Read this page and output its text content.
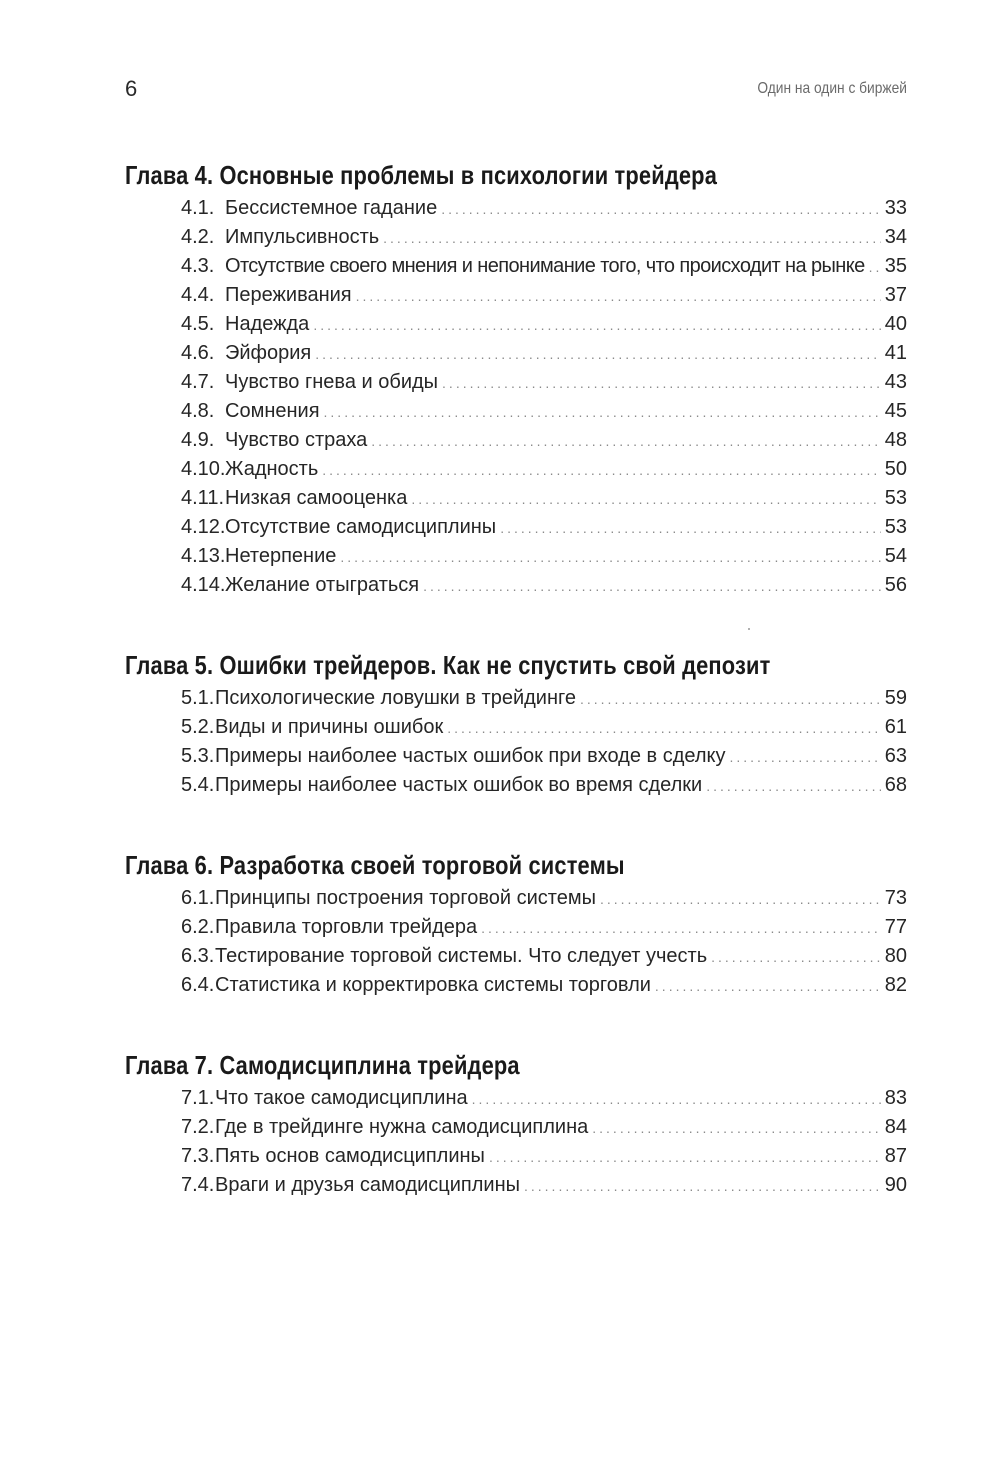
6	Один на один с биржей
Глава 4. Основные проблемы в психологии трейдера
4.1. Бессистемное гадание .....	33
4.2. Импульсивность .....	34
4.3. Отсутствие своего мнения и непонимание того, что происходит на рынке ..... 35
4.4. Переживания .....	37
4.5. Надежда .....	40
4.6. Эйфория .....	41
4.7. Чувство гнева и обиды .....	43
4.8. Сомнения .....	45
4.9. Чувство страха .....	48
4.10. Жадность .....	50
4.11. Низкая самооценка .....	53
4.12. Отсутствие самодисциплины .....	53
4.13. Нетерпение .....	54
4.14. Желание отыграться .....	56
Глава 5. Ошибки трейдеров. Как не спустить свой депозит
5.1. Психологические ловушки в трейдинге .....	59
5.2. Виды и причины ошибок .....	61
5.3. Примеры наиболее частых ошибок при входе в сделку .....	63
5.4. Примеры наиболее частых ошибок во время сделки .....	68
Глава 6. Разработка своей торговой системы
6.1. Принципы построения торговой системы .....	73
6.2. Правила торговли трейдера .....	77
6.3. Тестирование торговой системы. Что следует учесть .....	80
6.4. Статистика и корректировка системы торговли .....	82
Глава 7. Самодисциплина трейдера
7.1. Что такое самодисциплина .....	83
7.2. Где в трейдинге нужна самодисциплина .....	84
7.3. Пять основ самодисциплины .....	87
7.4. Враги и друзья самодисциплины .....	90
